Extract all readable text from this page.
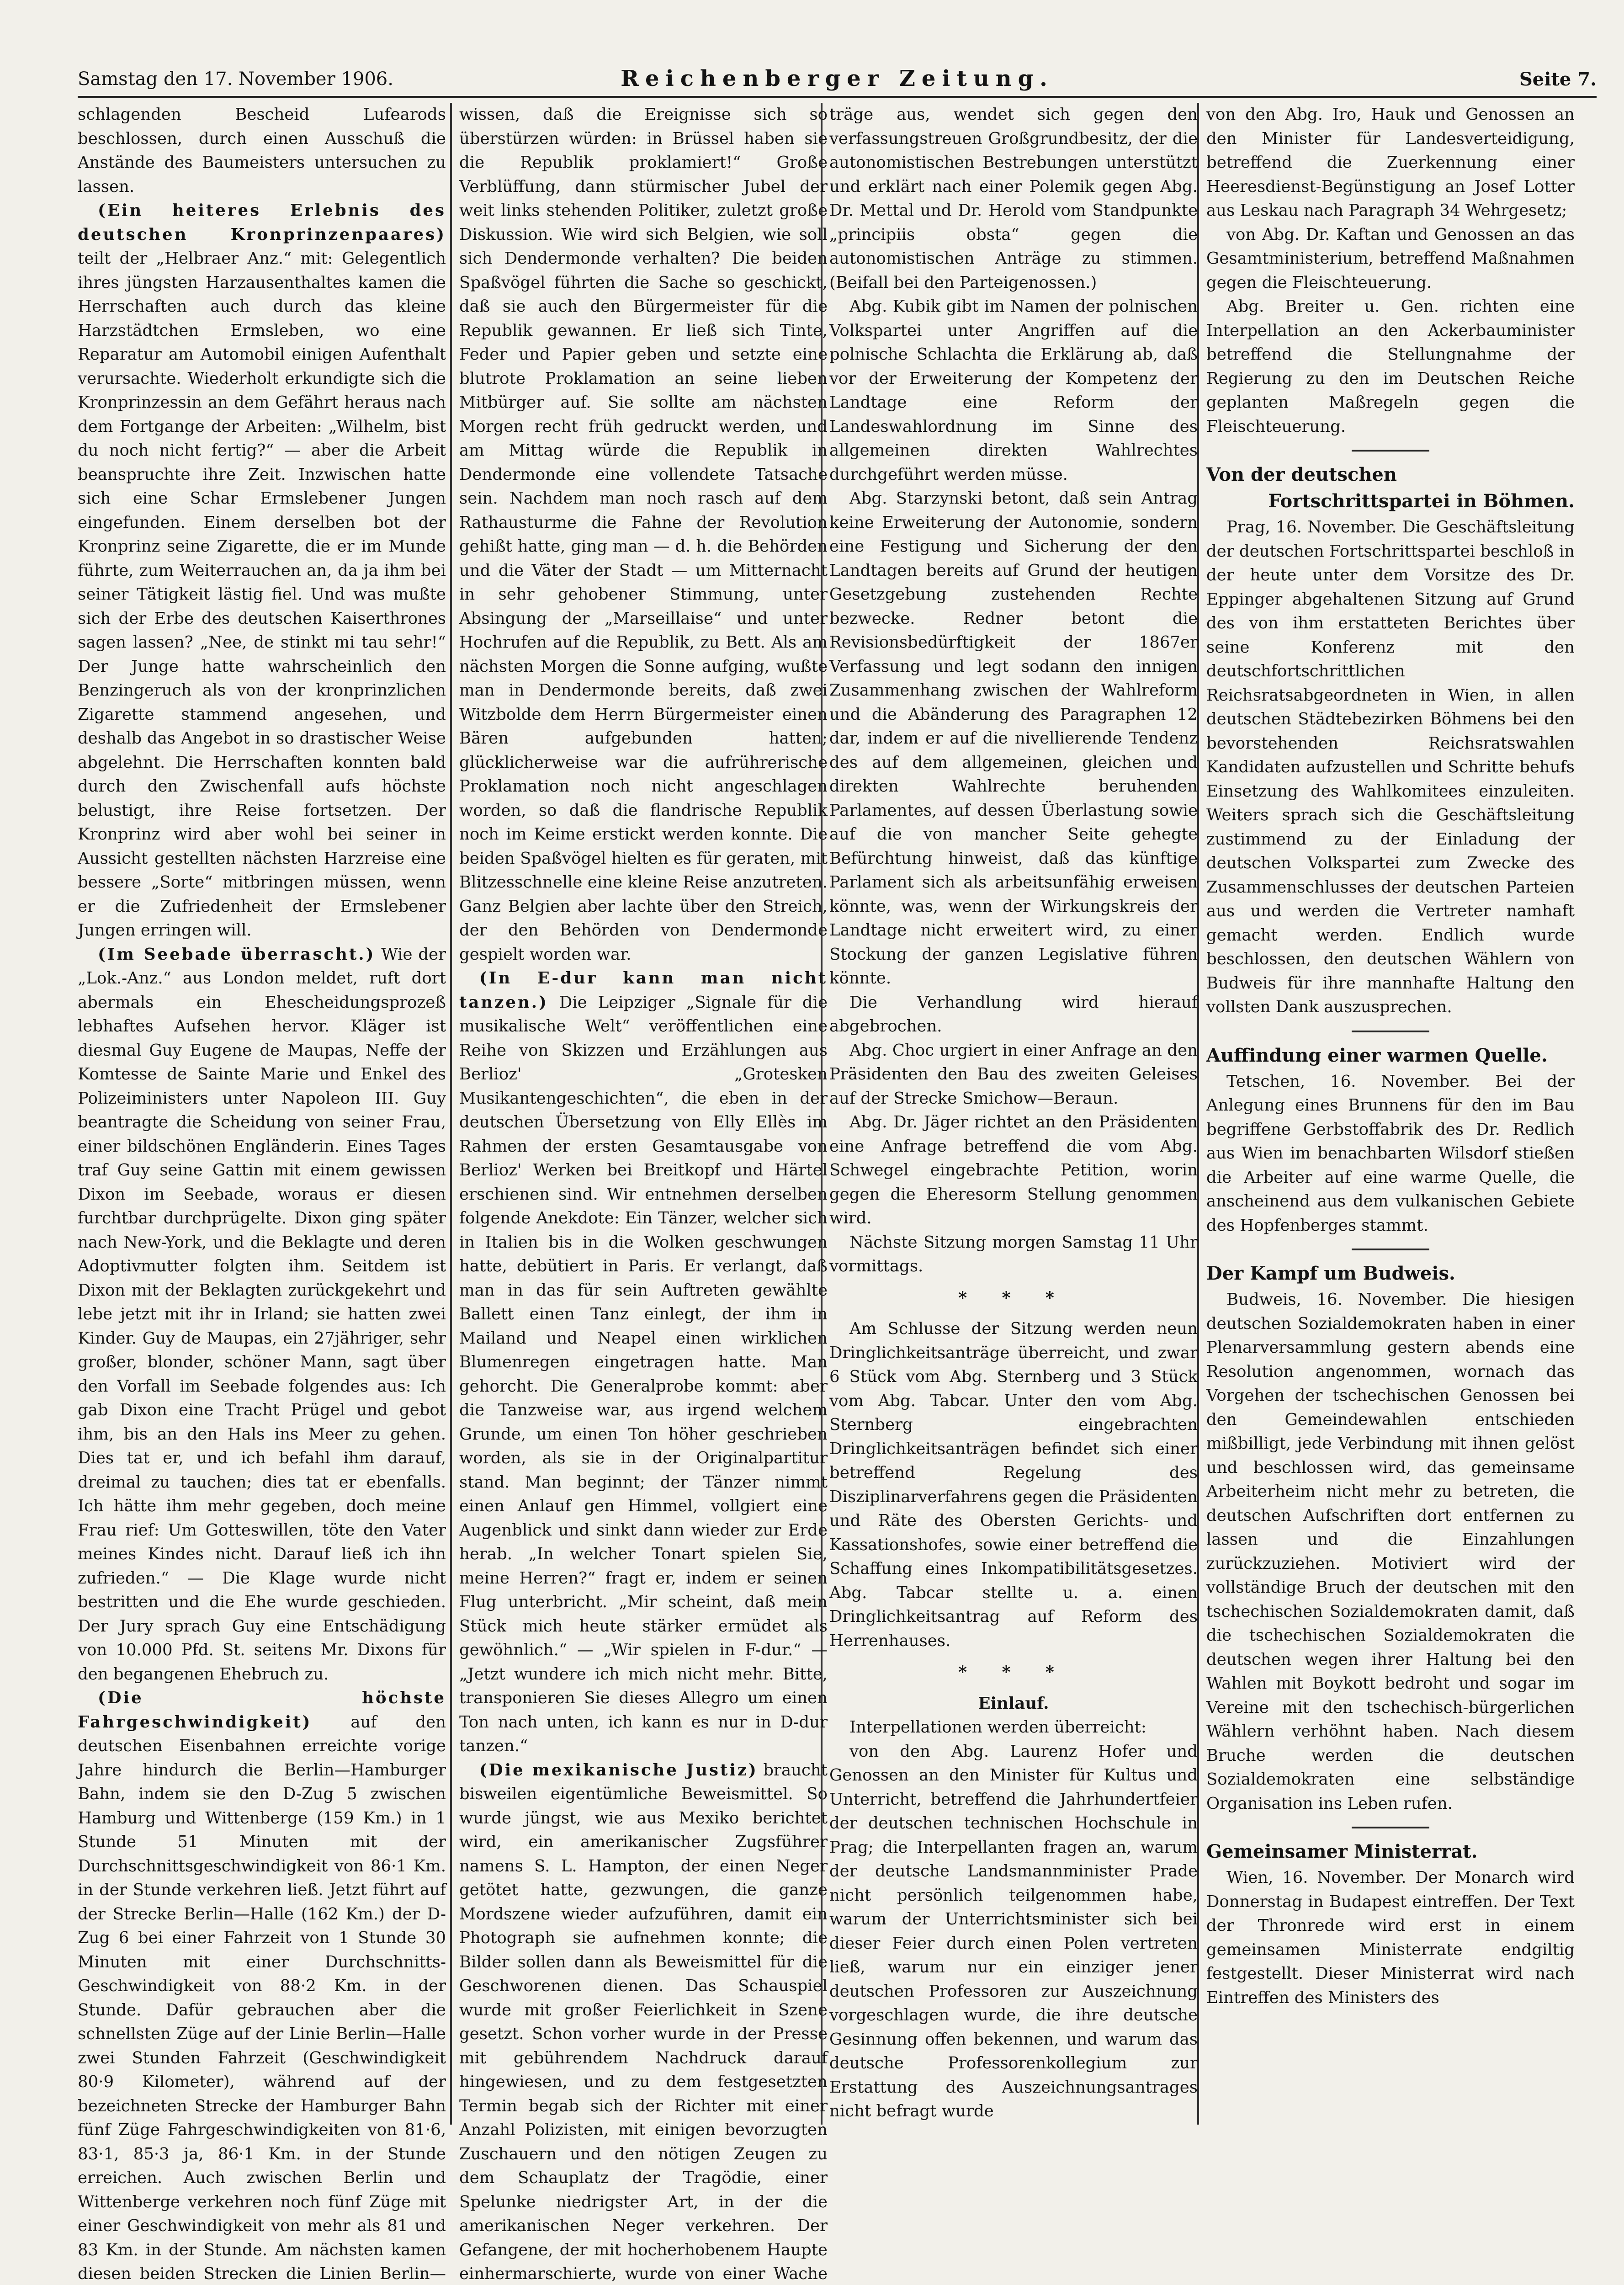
Samstag den 17. November 1906.	Reichenberger Zeitung.	Seite 7.

schlagenden Bescheid Lufearods beschlossen, durch einen Ausschuß die Anstände des Baumeisters untersuchen zu lassen.

(Ein heiteres Erlebnis des deutschen Kronprinzenpaares) teilt der „Helbraer Anz.“ mit: Gelegentlich ihres jüngsten Harzausenthaltes kamen die Herrschaften auch durch das kleine Harzstädtchen Ermsleben, wo eine Reparatur am Automobil einigen Aufenthalt verursachte. Wiederholt erkundigte sich die Kronprinzessin an dem Gefährt heraus nach dem Fortgange der Arbeiten: „Wilhelm, bist du noch nicht fertig?“ — aber die Arbeit beanspruchte ihre Zeit. Inzwischen hatte sich eine Schar Ermslebener Jungen eingefunden. Einem derselben bot der Kronprinz seine Zigarette, die er im Munde führte, zum Weiterrauchen an, da ja ihm bei seiner Tätigkeit lästig fiel. Und was mußte sich der Erbe des deutschen Kaiserthrones sagen lassen? „Nee, de stinkt mi tau sehr!“ Der Junge hatte wahrscheinlich den Benzingeruch als von der kronprinzlichen Zigarette stammend angesehen, und deshalb das Angebot in so drastischer Weise abgelehnt. Die Herrschaften konnten bald durch den Zwischenfall aufs höchste belustigt, ihre Reise fortsetzen. Der Kronprinz wird aber wohl bei seiner in Aussicht gestellten nächsten Harzreise eine bessere „Sorte“ mitbringen müssen, wenn er die Zufriedenheit der Ermslebener Jungen erringen will.

(Im Seebade überrascht.) Wie der „Lok.-Anz.“ aus London meldet, ruft dort abermals ein Ehescheidungsprozeß lebhaftes Aufsehen hervor. Kläger ist diesmal Guy Eugene de Maupas, Neffe der Komtesse de Sainte Marie und Enkel des Polizeiministers unter Napoleon III. Guy beantragte die Scheidung von seiner Frau, einer bildschönen Engländerin. Eines Tages traf Guy seine Gattin mit einem gewissen Dixon im Seebade, woraus er diesen furchtbar durchprügelte. Dixon ging später nach New-York, und die Beklagte und deren Adoptivmutter folgten ihm. Seitdem ist Dixon mit der Beklagten zurückgekehrt und lebe jetzt mit ihr in Irland; sie hatten zwei Kinder. Guy de Maupas, ein 27jähriger, sehr großer, blonder, schöner Mann, sagt über den Vorfall im Seebade folgendes aus: Ich gab Dixon eine Tracht Prügel und gebot ihm, bis an den Hals ins Meer zu gehen. Dies tat er, und ich befahl ihm darauf, dreimal zu tauchen; dies tat er ebenfalls. Ich hätte ihm mehr gegeben, doch meine Frau rief: Um Gotteswillen, töte den Vater meines Kindes nicht. Darauf ließ ich ihn zufrieden.“ — Die Klage wurde nicht bestritten und die Ehe wurde geschieden. Der Jury sprach Guy eine Entschädigung von 10.000 Pfd. St. seitens Mr. Dixons für den begangenen Ehebruch zu.

(Die höchste Fahrgeschwindigkeit) auf den deutschen Eisenbahnen erreichte vorige Jahre hindurch die Berlin—Hamburger Bahn, indem sie den D-Zug 5 zwischen Hamburg und Wittenberge (159 Km.) in 1 Stunde 51 Minuten mit der Durchschnittsgeschwindigkeit von 86·1 Km. in der Stunde verkehren ließ. Jetzt führt auf der Strecke Berlin—Halle (162 Km.) der D-Zug 6 bei einer Fahrzeit von 1 Stunde 30 Minuten mit einer Durchschnitts-Geschwindigkeit von 88·2 Km. in der Stunde. Dafür gebrauchen aber die schnellsten Züge auf der Linie Berlin—Halle zwei Stunden Fahrzeit (Geschwindigkeit 80·9 Kilometer), während auf der bezeichneten Strecke der Hamburger Bahn fünf Züge Fahrgeschwindigkeiten von 81·6, 83·1, 85·3 ja, 86·1 Km. in der Stunde erreichen. Auch zwischen Berlin und Wittenberge verkehren noch fünf Züge mit einer Geschwindigkeit von mehr als 81 und 83 Km. in der Stunde. Am nächsten kamen diesen beiden Strecken die Linien Berlin—

wissen, daß die Ereignisse sich so überstürzen würden: in Brüssel haben sie die Republik proklamiert!“ Große Verblüffung, dann stürmischer Jubel der weit links stehenden Politiker, zuletzt große Diskussion. Wie wird sich Belgien, wie soll sich Dendermonde verhalten? Die beiden Spaßvögel führten die Sache so geschickt, daß sie auch den Bürgermeister für die Republik gewannen. Er ließ sich Tinte, Feder und Papier geben und setzte eine blutrote Proklamation an seine lieben Mitbürger auf. Sie sollte am nächsten Morgen recht früh gedruckt werden, und am Mittag würde die Republik in Dendermonde eine vollendete Tatsache sein. Nachdem man noch rasch auf dem Rathausturme die Fahne der Revolution gehißt hatte, ging man — d. h. die Behörden und die Väter der Stadt — um Mitternacht in sehr gehobener Stimmung, unter Absingung der „Marseillaise“ und unter Hochrufen auf die Republik, zu Bett. Als am nächsten Morgen die Sonne aufging, wußte man in Dendermonde bereits, daß zwei Witzbolde dem Herrn Bürgermeister einen Bären aufgebunden hatten; glücklicherweise war die aufrührerische Proklamation noch nicht angeschlagen worden, so daß die flandrische Republik noch im Keime erstickt werden konnte. Die beiden Spaßvögel hielten es für geraten, mit Blitzesschnelle eine kleine Reise anzutreten. Ganz Belgien aber lachte über den Streich, der den Behörden von Dendermonde gespielt worden war.

(In E-dur kann man nicht tanzen.) Die Leipziger „Signale für die musikalische Welt“ veröffentlichen eine Reihe von Skizzen und Erzählungen aus Berlioz' „Grotesken Musikantengeschichten“, die eben in der deutschen Übersetzung von Elly Ellès im Rahmen der ersten Gesamtausgabe von Berlioz' Werken bei Breitkopf und Härtel erschienen sind. Wir entnehmen derselben folgende Anekdote: Ein Tänzer, welcher sich in Italien bis in die Wolken geschwungen hatte, debütiert in Paris. Er verlangt, daß man in das für sein Auftreten gewählte Ballett einen Tanz einlegt, der ihm in Mailand und Neapel einen wirklichen Blumenregen eingetragen hatte. Man gehorcht. Die Generalprobe kommt: aber die Tanzweise war, aus irgend welchem Grunde, um einen Ton höher geschrieben worden, als sie in der Originalpartitur stand. Man beginnt; der Tänzer nimmt einen Anlauf gen Himmel, vollgiert eine Augenblick und sinkt dann wieder zur Erde herab. „In welcher Tonart spielen Sie, meine Herren?“ fragt er, indem er seinen Flug unterbricht. „Mir scheint, daß mein Stück mich heute stärker ermüdet als gewöhnlich.“ — „Wir spielen in F-dur.“ — „Jetzt wundere ich mich nicht mehr. Bitte, transponieren Sie dieses Allegro um einen Ton nach unten, ich kann es nur in D-dur tanzen.“

(Die mexikanische Justiz) braucht bisweilen eigentümliche Beweismittel. So wurde jüngst, wie aus Mexiko berichtet wird, ein amerikanischer Zugsführer namens S. L. Hampton, der einen Neger getötet hatte, gezwungen, die ganze Mordszene wieder aufzuführen, damit ein Photograph sie aufnehmen konnte; die Bilder sollen dann als Beweismittel für die Geschworenen dienen. Das Schauspiel wurde mit großer Feierlichkeit in Szene gesetzt. Schon vorher wurde in der Presse mit gebührendem Nachdruck darauf hingewiesen, und zu dem festgesetzten Termin begab sich der Richter mit einer Anzahl Polizisten, mit einigen bevorzugten Zuschauern und den nötigen Zeugen zu dem Schauplatz der Tragödie, einer Spelunke niedrigster Art, in der die amerikanischen Neger verkehren. Der Gefangene, der mit hocherhobenem Haupte einhermarschierte, wurde von einer Wache

träge aus, wendet sich gegen den verfassungstreuen Großgrundbesitz, der die autonomistischen Bestrebungen unterstützt und erklärt nach einer Polemik gegen Abg. Dr. Mettal und Dr. Herold vom Standpunkte „principiis obsta“ gegen die autonomistischen Anträge zu stimmen. (Beifall bei den Parteigenossen.)

Abg. Kubik gibt im Namen der polnischen Volkspartei unter Angriffen auf die polnische Schlachta die Erklärung ab, daß vor der Erweiterung der Kompetenz der Landtage eine Reform der Landeswahlordnung im Sinne des allgemeinen direkten Wahlrechtes durchgeführt werden müsse.

Abg. Starzynski betont, daß sein Antrag keine Erweiterung der Autonomie, sondern eine Festigung und Sicherung der den Landtagen bereits auf Grund der heutigen Gesetzgebung zustehenden Rechte bezwecke. Redner betont die Revisionsbedürftigkeit der 1867er Verfassung und legt sodann den innigen Zusammenhang zwischen der Wahlreform und die Abänderung des Paragraphen 12 dar, indem er auf die nivellierende Tendenz des auf dem allgemeinen, gleichen und direkten Wahlrechte beruhenden Parlamentes, auf dessen Überlastung sowie auf die von mancher Seite gehegte Befürchtung hinweist, daß das künftige Parlament sich als arbeitsunfähig erweisen könnte, was, wenn der Wirkungskreis der Landtage nicht erweitert wird, zu einer Stockung der ganzen Legislative führen könnte.

Die Verhandlung wird hierauf abgebrochen.

Abg. Choc urgiert in einer Anfrage an den Präsidenten den Bau des zweiten Geleises auf der Strecke Smichow—Beraun.

Abg. Dr. Jäger richtet an den Präsidenten eine Anfrage betreffend die vom Abg. Schwegel eingebrachte Petition, worin gegen die Eheresorm Stellung genommen wird.

Nächste Sitzung morgen Samstag 11 Uhr vormittags.

* * *

Am Schlusse der Sitzung werden neun Dringlichkeitsanträge überreicht, und zwar 6 Stück vom Abg. Sternberg und 3 Stück vom Abg. Tabcar. Unter den vom Abg. Sternberg eingebrachten Dringlichkeitsanträgen befindet sich einer betreffend Regelung des Disziplinarverfahrens gegen die Präsidenten und Räte des Obersten Gerichts- und Kassationshofes, sowie einer betreffend die Schaffung eines Inkompatibilitätsgesetzes. Abg. Tabcar stellte u. a. einen Dringlichkeitsantrag auf Reform des Herrenhauses.

* * *
Einlauf.

Interpellationen werden überreicht:

von den Abg. Laurenz Hofer und Genossen an den Minister für Kultus und Unterricht, betreffend die Jahrhundertfeier der deutschen technischen Hochschule in Prag; die Interpellanten fragen an, warum der deutsche Landsmannminister Prade nicht persönlich teilgenommen habe, warum der Unterrichtsminister sich bei dieser Feier durch einen Polen vertreten ließ, warum nur ein einziger jener deutschen Professoren zur Auszeichnung vorgeschlagen wurde, die ihre deutsche Gesinnung offen bekennen, und warum das deutsche Professorenkollegium zur Erstattung des Auszeichnungsantrages nicht befragt wurde

von den Abg. Iro, Hauk und Genossen an den Minister für Landesverteidigung, betreffend die Zuerkennung einer Heeresdienst-Begünstigung an Josef Lotter aus Leskau nach Paragraph 34 Wehrgesetz;

von Abg. Dr. Kaftan und Genossen an das Gesamtministerium, betreffend Maßnahmen gegen die Fleischteuerung.

Abg. Breiter u. Gen. richten eine Interpellation an den Ackerbauminister betreffend die Stellungnahme der Regierung zu den im Deutschen Reiche geplanten Maßregeln gegen die Fleischteuerung.

Von der deutschen
Fortschrittspartei in Böhmen.

Prag, 16. November. Die Geschäftsleitung der deutschen Fortschrittspartei beschloß in der heute unter dem Vorsitze des Dr. Eppinger abgehaltenen Sitzung auf Grund des von ihm erstatteten Berichtes über seine Konferenz mit den deutschfortschrittlichen Reichsratsabgeordneten in Wien, in allen deutschen Städtebezirken Böhmens bei den bevorstehenden Reichsratswahlen Kandidaten aufzustellen und Schritte behufs Einsetzung des Wahlkomitees einzuleiten. Weiters sprach sich die Geschäftsleitung zustimmend zu der Einladung der deutschen Volkspartei zum Zwecke des Zusammenschlusses der deutschen Parteien aus und werden die Vertreter namhaft gemacht werden. Endlich wurde beschlossen, den deutschen Wählern von Budweis für ihre mannhafte Haltung den vollsten Dank auszusprechen.

Auffindung einer warmen Quelle.

Tetschen, 16. November. Bei der Anlegung eines Brunnens für den im Bau begriffene Gerbstoffabrik des Dr. Redlich aus Wien im benachbarten Wilsdorf stießen die Arbeiter auf eine warme Quelle, die anscheinend aus dem vulkanischen Gebiete des Hopfenberges stammt.

Der Kampf um Budweis.

Budweis, 16. November. Die hiesigen deutschen Sozialdemokraten haben in einer Plenarversammlung gestern abends eine Resolution angenommen, wornach das Vorgehen der tschechischen Genossen bei den Gemeindewahlen entschieden mißbilligt, jede Verbindung mit ihnen gelöst und beschlossen wird, das gemeinsame Arbeiterheim nicht mehr zu betreten, die deutschen Aufschriften dort entfernen zu lassen und die Einzahlungen zurückzuziehen. Motiviert wird der vollständige Bruch der deutschen mit den tschechischen Sozialdemokraten damit, daß die tschechischen Sozialdemokraten die deutschen wegen ihrer Haltung bei den Wahlen mit Boykott bedroht und sogar im Vereine mit den tschechisch-bürgerlichen Wählern verhöhnt haben. Nach diesem Bruche werden die deutschen Sozialdemokraten eine selbständige Organisation ins Leben rufen.

Gemeinsamer Ministerrat.

Wien, 16. November. Der Monarch wird Donnerstag in Budapest eintreffen. Der Text der Thronrede wird erst in einem gemeinsamen Ministerrate endgiltig festgestellt. Dieser Ministerrat wird nach Eintreffen des Ministers des
